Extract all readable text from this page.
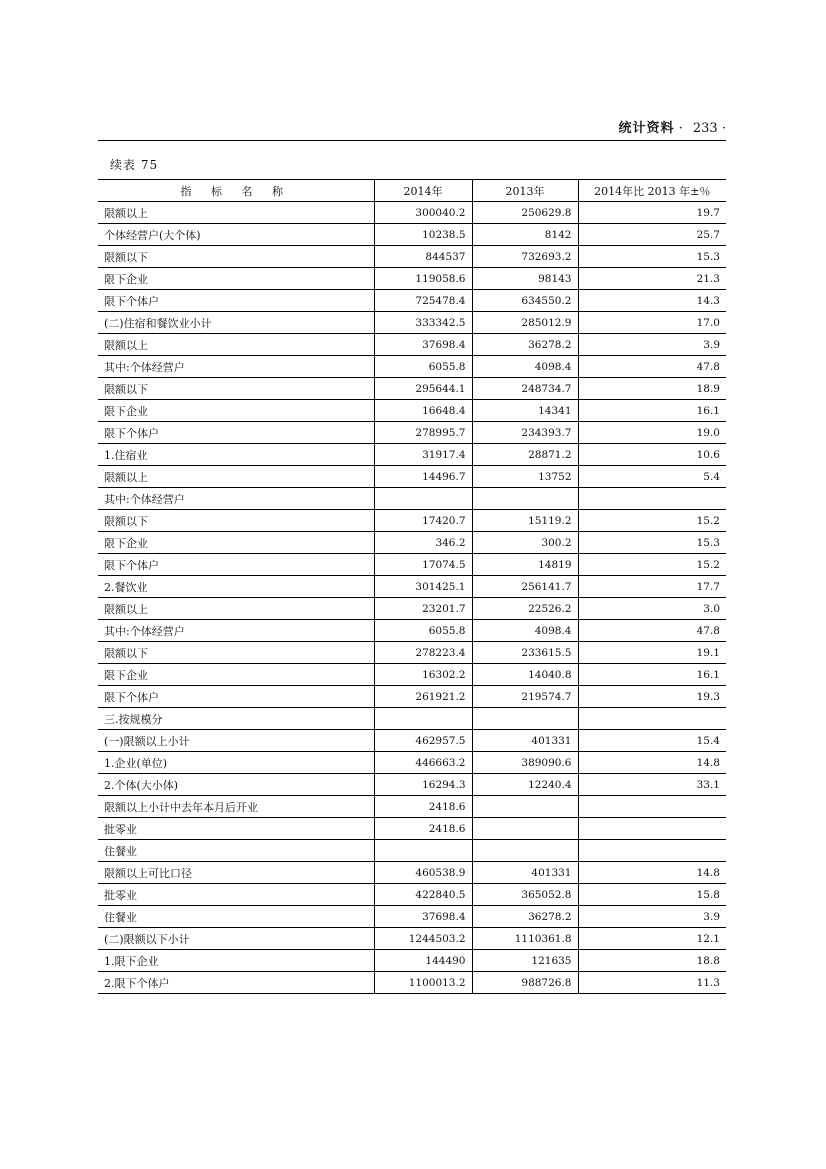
统计资料 · 233 ·
续表 75
指 标 名 称	2014年	2013年	2014年比 2013 年±％
限额以上	300040.2	250629.8	19.7
个体经营户(大个体)	10238.5	8142	25.7
限额以下	844537	732693.2	15.3
限下企业	119058.6	98143	21.3
限下个体户	725478.4	634550.2	14.3
(二)住宿和餐饮业小计	333342.5	285012.9	17.0
限额以上	37698.4	36278.2	3.9
其中:个体经营户	6055.8	4098.4	47.8
限额以下	295644.1	248734.7	18.9
限下企业	16648.4	14341	16.1
限下个体户	278995.7	234393.7	19.0
1.住宿业	31917.4	28871.2	10.6
限额以上	14496.7	13752	5.4
其中:个体经营户			
限额以下	17420.7	15119.2	15.2
限下企业	346.2	300.2	15.3
限下个体户	17074.5	14819	15.2
2.餐饮业	301425.1	256141.7	17.7
限额以上	23201.7	22526.2	3.0
其中:个体经营户	6055.8	4098.4	47.8
限额以下	278223.4	233615.5	19.1
限下企业	16302.2	14040.8	16.1
限下个体户	261921.2	219574.7	19.3
三.按规模分			
(一)限额以上小计	462957.5	401331	15.4
1.企业(单位)	446663.2	389090.6	14.8
2.个体(大小体)	16294.3	12240.4	33.1
限额以上小计中去年本月后开业	2418.6		
批零业	2418.6		
住餐业			
限额以上可比口径	460538.9	401331	14.8
批零业	422840.5	365052.8	15.8
住餐业	37698.4	36278.2	3.9
(二)限额以下小计	1244503.2	1110361.8	12.1
1.限下企业	144490	121635	18.8
2.限下个体户	1100013.2	988726.8	11.3
